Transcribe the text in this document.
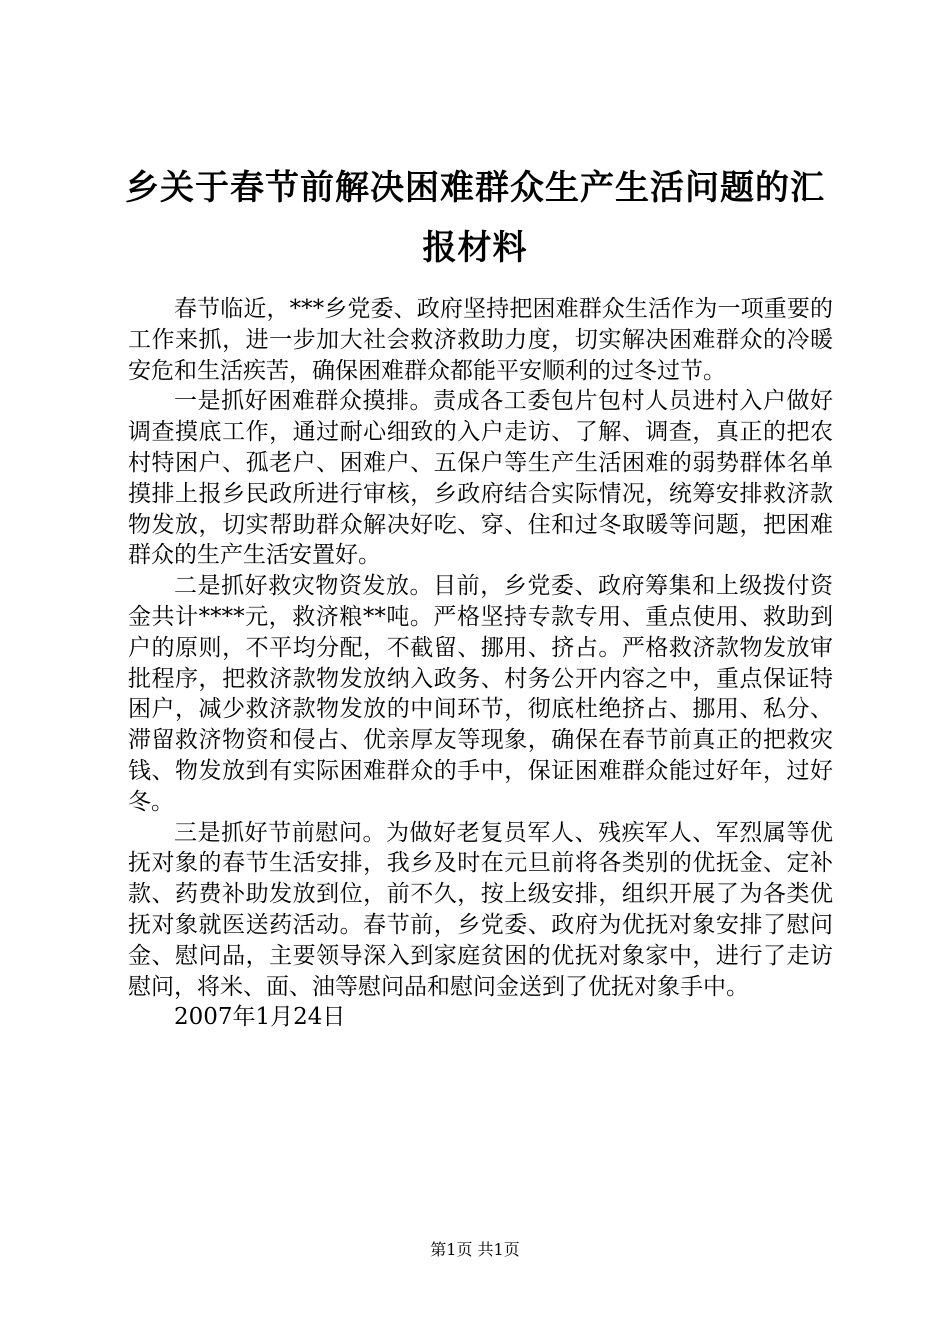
乡关于春节前解决困难群众生产生活问题的汇报材料

春节临近，***乡党委、政府坚持把困难群众生活作为一项重要的工作来抓，进一步加大社会救济救助力度，切实解决困难群众的冷暖安危和生活疾苦，确保困难群众都能平安顺利的过冬过节。

一是抓好困难群众摸排。责成各工委包片包村人员进村入户做好调查摸底工作，通过耐心细致的入户走访、了解、调查，真正的把农村特困户、孤老户、困难户、五保户等生产生活困难的弱势群体名单摸排上报乡民政所进行审核，乡政府结合实际情况，统筹安排救济款物发放，切实帮助群众解决好吃、穿、住和过冬取暖等问题，把困难群众的生产生活安置好。

二是抓好救灾物资发放。目前，乡党委、政府筹集和上级拨付资金共计****元，救济粮**吨。严格坚持专款专用、重点使用、救助到户的原则，不平均分配，不截留、挪用、挤占。严格救济款物发放审批程序，把救济款物发放纳入政务、村务公开内容之中，重点保证特困户，减少救济款物发放的中间环节，彻底杜绝挤占、挪用、私分、滞留救济物资和侵占、优亲厚友等现象，确保在春节前真正的把救灾钱、物发放到有实际困难群众的手中，保证困难群众能过好年，过好冬。

三是抓好节前慰问。为做好老复员军人、残疾军人、军烈属等优抚对象的春节生活安排，我乡及时在元旦前将各类别的优抚金、定补款、药费补助发放到位，前不久，按上级安排，组织开展了为各类优抚对象就医送药活动。春节前，乡党委、政府为优抚对象安排了慰问金、慰问品，主要领导深入到家庭贫困的优抚对象家中，进行了走访慰问，将米、面、油等慰问品和慰问金送到了优抚对象手中。

2007年1月24日

第1页 共1页
